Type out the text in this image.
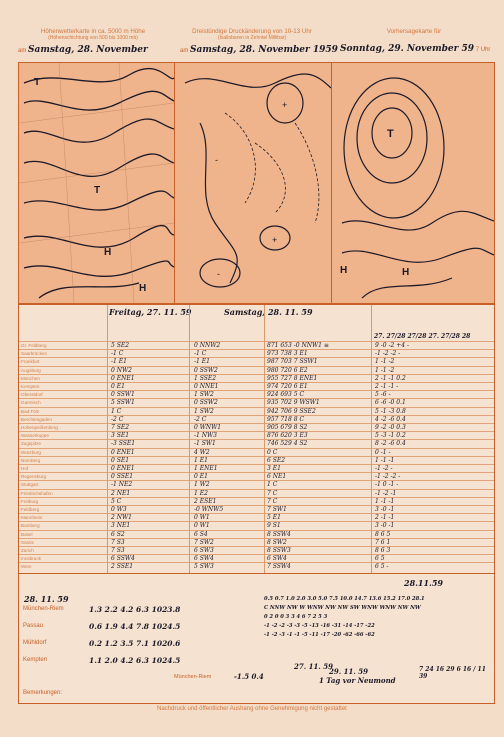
Höhenwetterkarte in ca. 5000 m Höhe
(Höhenschichtung von 500 bis 1000 mb)
am Samstag, 28. November
Dreistündige Druckänderung von 10-13 Uhr
(Isallobaren in Zehntel Millibar)
am Samstag, 28. November 1959
Vorhersagekarte für
Sonntag, 29. November 59 7 Uhr
T
T
H
H
+
-
+
-
T
H	H
Freitag, 27. 11. 59	Samstag, 28. 11. 59
27. 27/28 27/28 27. 27/28 28
Gr. Feldberg	5 SE2	0 NNW2	871 653 -0 NNW1 ≡	9 -0 -2 +4 -
Saarbrücken	-1 C	-1 C	973 738 3 E1	-1 -2 -2 -
Frankfurt	-1 E1	-1 E1	987 703 7 SSW1	1 -1 -2
Augsburg	0 NW2	0 SSW2	980 720 6 E2	1 -1 -2
München	0 ENE1	1 SSE2	955 727 8 ENE1	2 -1 -1 0.2
Kempten	0 E1	0 NNE1	974 720 6 E1	2 -1 -1 -
Oberstdorf	0 SSW1	1 SW2	924 693 5 C	5 -6 -
Garmisch	5 SSW1	0 SSW2	935 702 9 WSW1	6 -6 -0 0.1
Bad Tölz	1 C	1 SW2	942 706 9 SSE2	5 -1 -3 0.8
Berchtesgaden	-2 C	-2 C	957 718 8 C	4 -2 -6 0.4
Hohenpeißenberg	7 SE2	0 WNW1	905 679 8 S2	9 -2 -0 0.3
Wasserkuppe	3 SE1	-1 NW3	876 620 3 E3	5 -3 -1 0.2
Zugspitze	-3 SSE1	-1 SW1	746 529 4 S2	8 -2 -6 0.4
Würzburg	0 ENE1	4 W2	0 C	0 -1 -
Nürnberg	0 SE1	1 E1	6 SE2	1 -1 -1
Hof	0 ENE1	1 ENE1	3 E1	-1 -2 -
Regensburg	0 SSE1	0 E1	6 NE1	-1 -2 -2 -
Stuttgart	-1 NE2	1 W2	1 C	-1 0 -1 -
Friedrichshafen	2 NE1	1 E2	7 C	-1 -2 -1
Freiburg	5 C	2 ESE1	7 C	1 -1 -1
Feldberg	0 W3	-0 WNW5	7 SW1	3 -0 -1
Mannheim	2 NW1	0 W1	5 E1	2 -1 -1
Bamberg	3 NE1	0 W1	9 S1	3 -0 -1
Basel	6 S2	6 S4	8 SSW4	8 6 5
Säntis	7 S3	7 SW2	8 SW2	7 6 1
Zürich	7 S3	6 SW3	8 SSW3	8 6 3
Innsbruck	6 SSW4	6 SW4	6 SW4	6 5
Wien	2 SSE1	5 SW3	7 SSW4	6 5 -
28. 11. 59
München-Riem	1.3 2.2 4.2 6.3 1023.8
Passau	0.6 1.9 4.4 7.8 1024.5
Mühldorf	0.2 1.2 3.5 7.1 1020.6
Kempten	1.1 2.0 4.2 6.3 1024.5
28.11.59
0.5 0.7 1.0 2.0 3.0 5.0 7.5 10.0 14.7 13.6 15.2 17.0 28.1
C NNW NW W WNW NW NW SW WNW WNW NW NW
0 2 0 0 3 3 4 6 7 2 5 3
-1 -2 -2 -3 -3 -5 -13 -16 -31 -14 -17 -22
-1 -2 -3 -1 -1 -5 -11 -17 -20 -62 -66 -62
München-Riem	-1.5 0.4
27. 11. 59
29. 11. 59
1 Tag vor Neumond
7 24 16 29 6 16 / 11 39
Bemerkungen:
Nachdruck und öffentlicher Aushang ohne Genehmigung nicht gestattet
